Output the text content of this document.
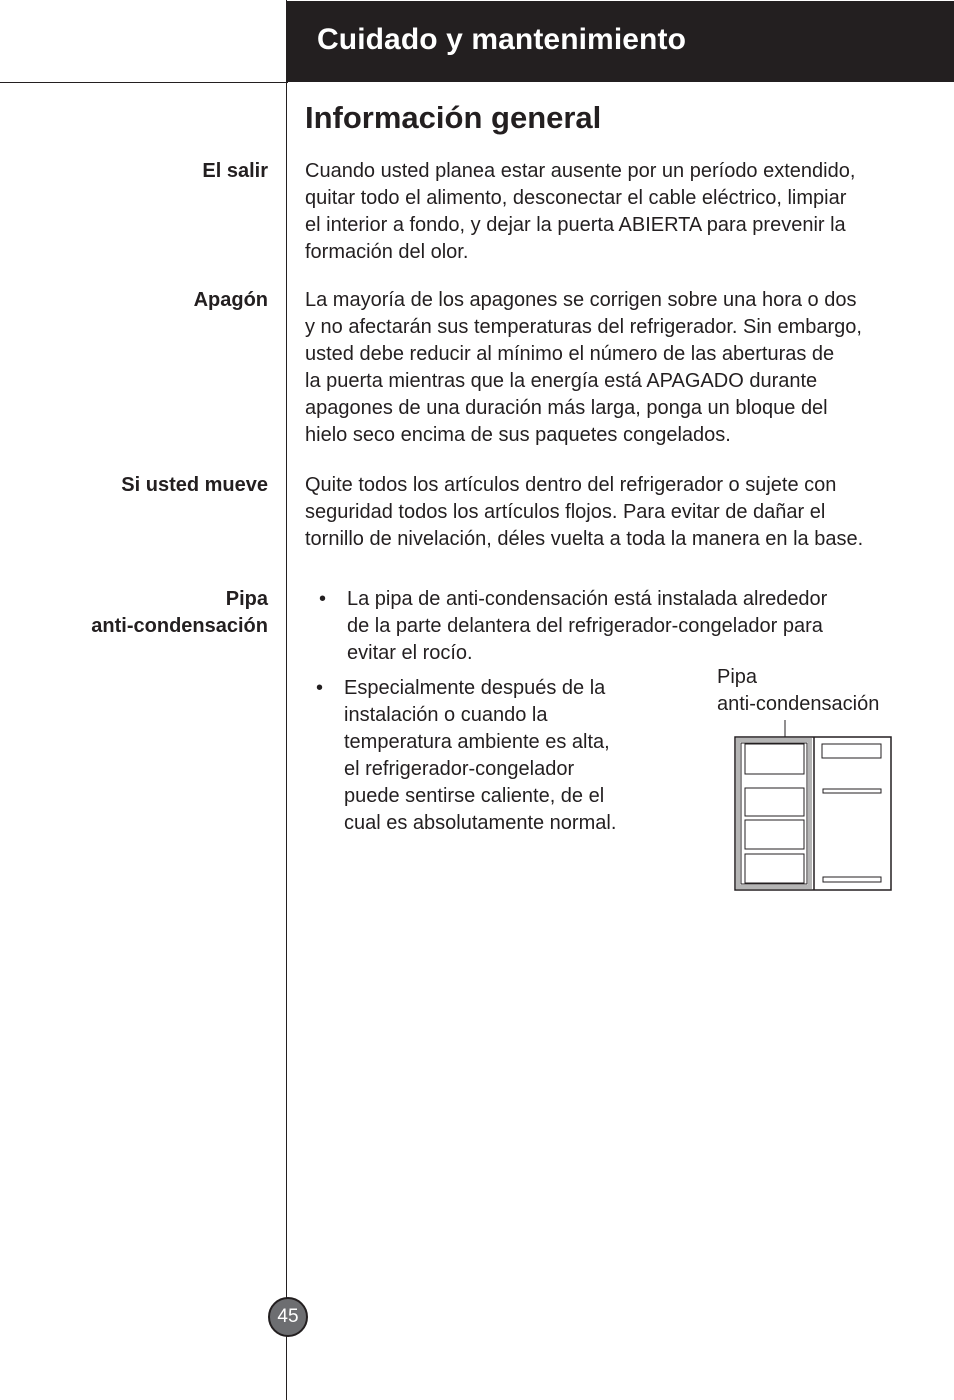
Cuidado y mantenimiento
Información general
El salir Cuando usted planea estar ausente por un período extendido,
quitar todo el alimento, desconectar el cable eléctrico, limpiar
el interior a fondo, y dejar la puerta ABIERTA para prevenir la
formación del olor.

Apagón La mayoría de los apagones se corrigen sobre una hora o dos
y no afectarán sus temperaturas del refrigerador. Sin embargo,
usted debe reducir al mínimo el número de las aberturas de
la puerta mientras que la energía está APAGADO durante
apagones de una duración más larga, ponga un bloque del
hielo seco encima de sus paquetes congelados.

Si usted mueve Quite todos los artículos dentro del refrigerador o sujete con
seguridad todos los artículos flojos. Para evitar de dañar el
tornillo de nivelación, déles vuelta a toda la manera en la base.

Pipa
anti-condensación
• La pipa de anti-condensación está instalada alrededor
de la parte delantera del refrigerador-congelador para
evitar el rocío.

• Especialmente después de la
instalación o cuando la
temperatura ambiente es alta,
el refrigerador-congelador
puede sentirse caliente, de el
cual es absolutamente normal.

Pipa
anti-condensación
45
